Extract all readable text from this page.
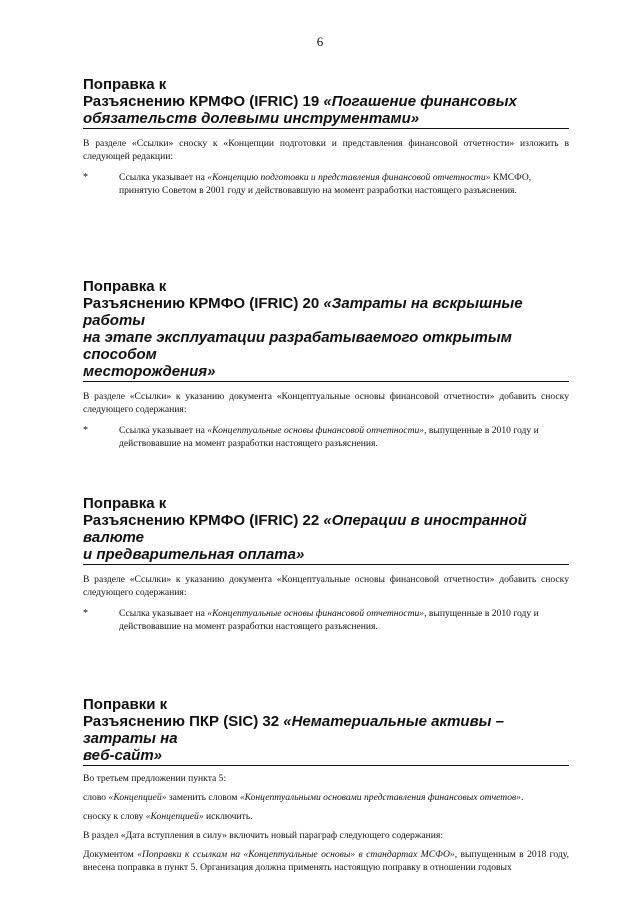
6
Поправка к
Разъяснению КРМФО (IFRIC) 19 «Погашение финансовых
обязательств долевыми инструментами»

В разделе «Ссылки» сноску к «Концепции подготовки и представления финансовой отчетности» изложить в следующей редакции:

*	Ссылка указывает на «Концепцию подготовки и представления финансовой отчетности» КМСФО, принятую Советом в 2001 году и действовавшую на момент разработки настоящего разъяснения.
Поправка к
Разъяснению КРМФО (IFRIC) 20 «Затраты на вскрышные работы
на этапе эксплуатации разрабатываемого открытым способом
месторождения»

В разделе «Ссылки» к указанию документа «Концептуальные основы финансовой отчетности» добавить сноску следующего содержания:

*	Ссылка указывает на «Концептуальные основы финансовой отчетности», выпущенные в 2010 году и действовавшие на момент разработки настоящего разъяснения.
Поправка к
Разъяснению КРМФО (IFRIC) 22 «Операции в иностранной валюте
и предварительная оплата»

В разделе «Ссылки» к указанию документа «Концептуальные основы финансовой отчетности» добавить сноску следующего содержания:

*	Ссылка указывает на «Концептуальные основы финансовой отчетности», выпущенные в 2010 году и действовавшие на момент разработки настоящего разъяснения.
Поправки к
Разъяснению ПКР (SIC) 32 «Нематериальные активы – затраты на
веб-сайт»

Во третьем предложении пункта 5:

слово «Концепцией» заменить словом «Концептуальными основами представления финансовых отчетов».

сноску к слову «Концепцией» исключить.

В раздел «Дата вступления в силу» включить новый параграф следующего содержания:

Документом «Поправки к ссылкам на «Концептуальные основы» в стандартах МСФО», выпущенным в 2018 году, внесена поправка в пункт 5. Организация должна применять настоящую поправку в отношении годовых
